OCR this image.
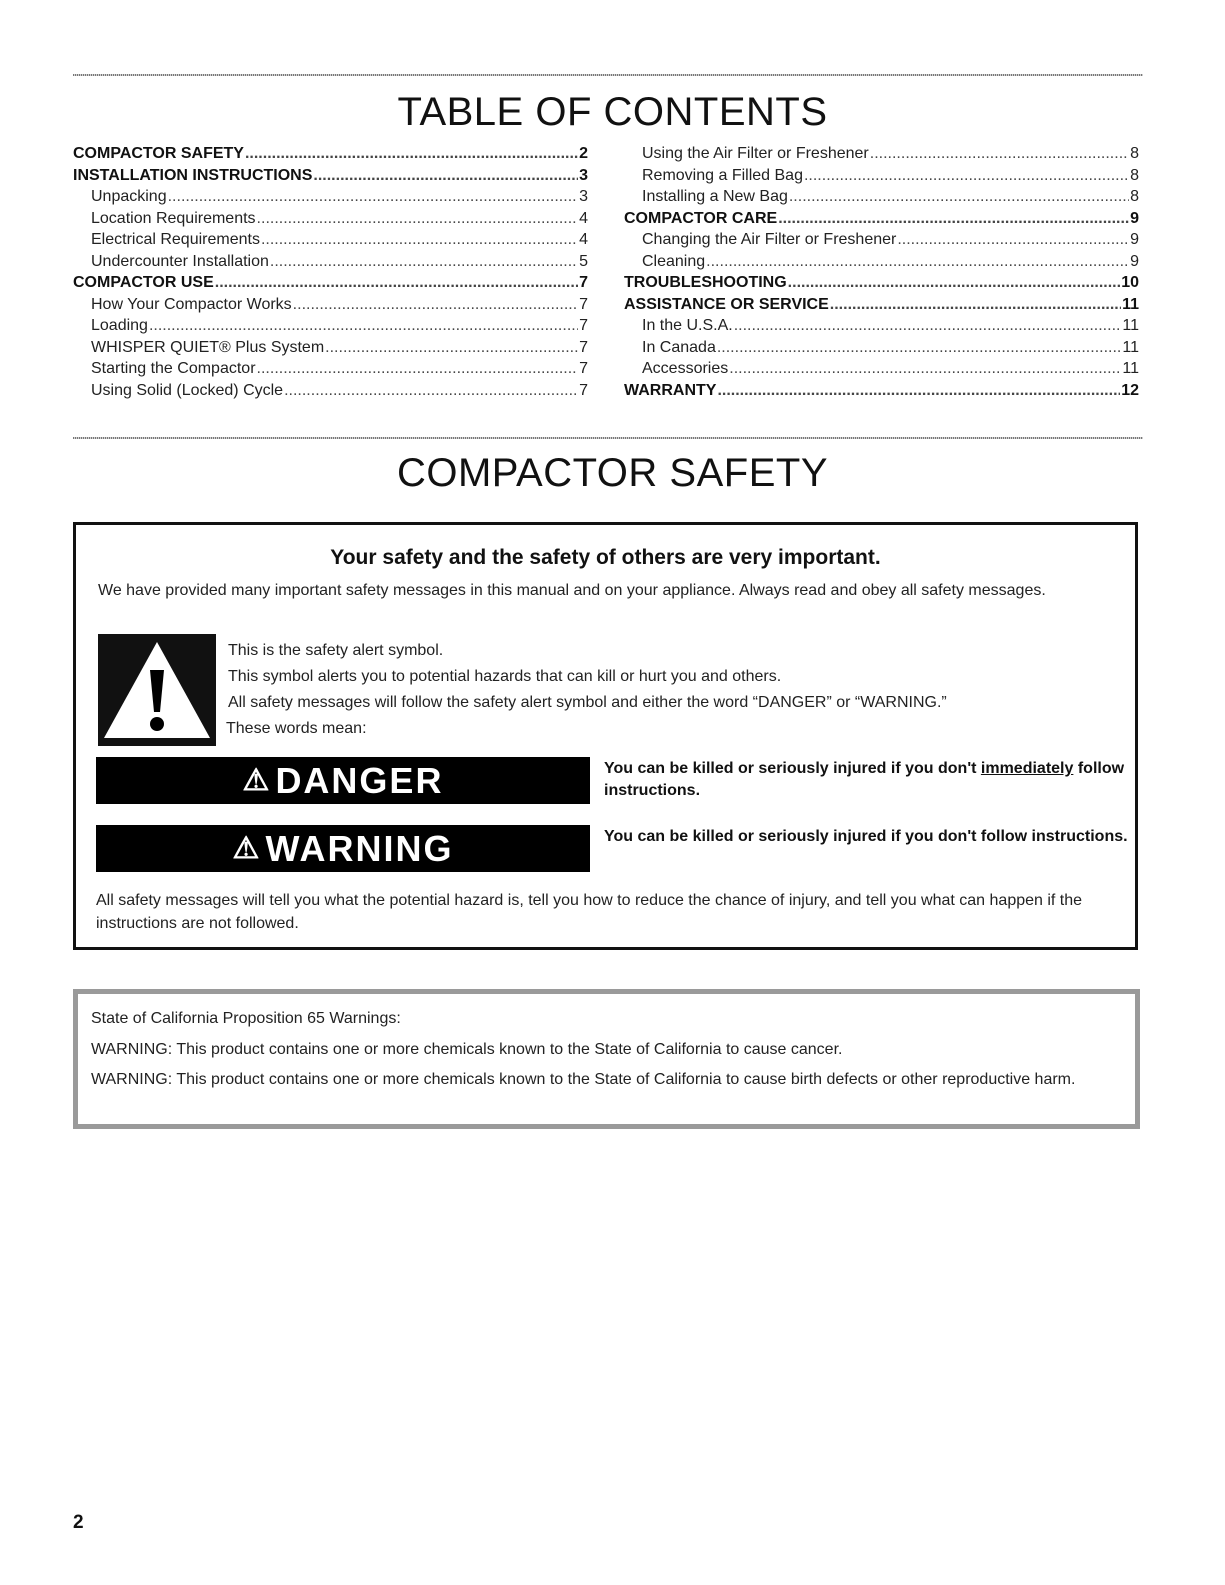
TABLE OF CONTENTS
COMPACTOR SAFETY .....	2
INSTALLATION INSTRUCTIONS .....	3
Unpacking .....	3
Location Requirements .....	4
Electrical Requirements .....	4
Undercounter Installation .....	5
COMPACTOR USE .....	7
How Your Compactor Works .....	7
Loading .....	7
WHISPER QUIET® Plus System .....	7
Starting the Compactor .....	7
Using Solid (Locked) Cycle .....	7
Using the Air Filter or Freshener .....	8
Removing a Filled Bag .....	8
Installing a New Bag .....	8
COMPACTOR CARE .....	9
Changing the Air Filter or Freshener .....	9
Cleaning .....	9
TROUBLESHOOTING .....	10
ASSISTANCE OR SERVICE .....	11
In the U.S.A. .....	11
In Canada .....	11
Accessories .....	11
WARRANTY .....	12
COMPACTOR SAFETY
Your safety and the safety of others are very important.
We have provided many important safety messages in this manual and on your appliance. Always read and obey all safety messages.
This is the safety alert symbol.
This symbol alerts you to potential hazards that can kill or hurt you and others.
All safety messages will follow the safety alert symbol and either the word “DANGER” or “WARNING.”
These words mean:
⚠ DANGER	You can be killed or seriously injured if you don't immediately follow instructions.
⚠ WARNING	You can be killed or seriously injured if you don't follow instructions.
All safety messages will tell you what the potential hazard is, tell you how to reduce the chance of injury, and tell you what can happen if the instructions are not followed.

State of California Proposition 65 Warnings:

WARNING: This product contains one or more chemicals known to the State of California to cause cancer.

WARNING: This product contains one or more chemicals known to the State of California to cause birth defects or other reproductive harm.

2
